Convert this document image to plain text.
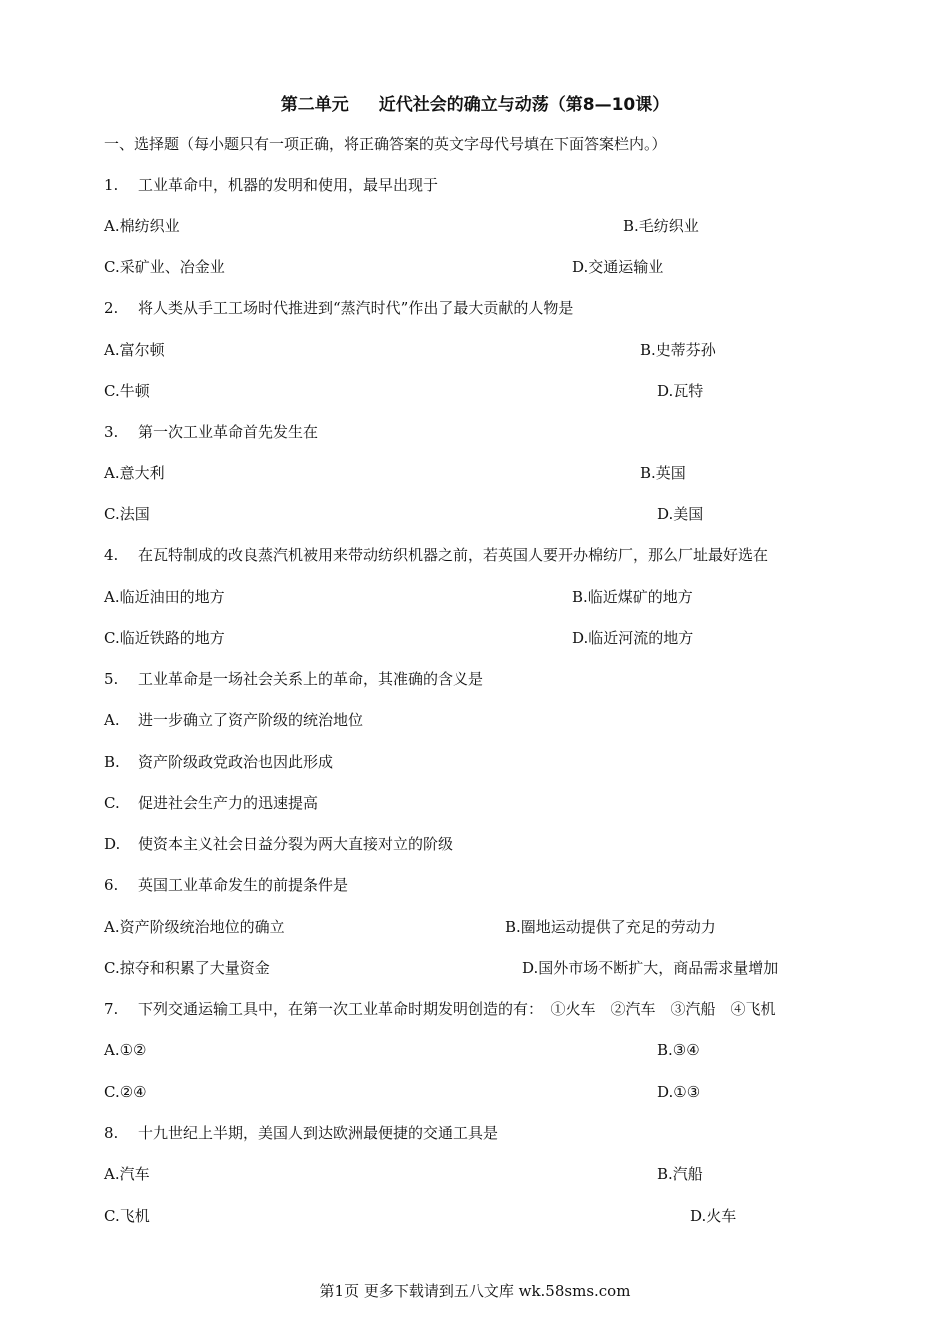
第二单元 近代社会的确立与动荡（第8—10课）
一、选择题（每小题只有一项正确，将正确答案的英文字母代号填在下面答案栏内。）
1. 工业革命中，机器的发明和使用，最早出现于
A.棉纺织业	B.毛纺织业
C.采矿业、冶金业	D.交通运输业
2. 将人类从手工工场时代推进到“蒸汽时代”作出了最大贡献的人物是
A.富尔顿	B.史蒂芬孙
C.牛顿	D.瓦特
3. 第一次工业革命首先发生在
A.意大利	B.英国
C.法国	D.美国
4. 在瓦特制成的改良蒸汽机被用来带动纺织机器之前，若英国人要开办棉纺厂，那么厂址最好选在
A.临近油田的地方	B.临近煤矿的地方
C.临近铁路的地方	D.临近河流的地方
5. 工业革命是一场社会关系上的革命，其准确的含义是
A. 进一步确立了资产阶级的统治地位
B. 资产阶级政党政治也因此形成
C. 促进社会生产力的迅速提高
D. 使资本主义社会日益分裂为两大直接对立的阶级
6. 英国工业革命发生的前提条件是
A.资产阶级统治地位的确立	B.圈地运动提供了充足的劳动力
C.掠夺和积累了大量资金	D.国外市场不断扩大，商品需求量增加
7. 下列交通运输工具中，在第一次工业革命时期发明创造的有：　①火车　②汽车　③汽船　④飞机
A.①②	B.③④
C.②④	D.①③
8. 十九世纪上半期，美国人到达欧洲最便捷的交通工具是
A.汽车	B.汽船
C.飞机	D.火车
第1页 更多下载请到五八文库 wk.58sms.com
